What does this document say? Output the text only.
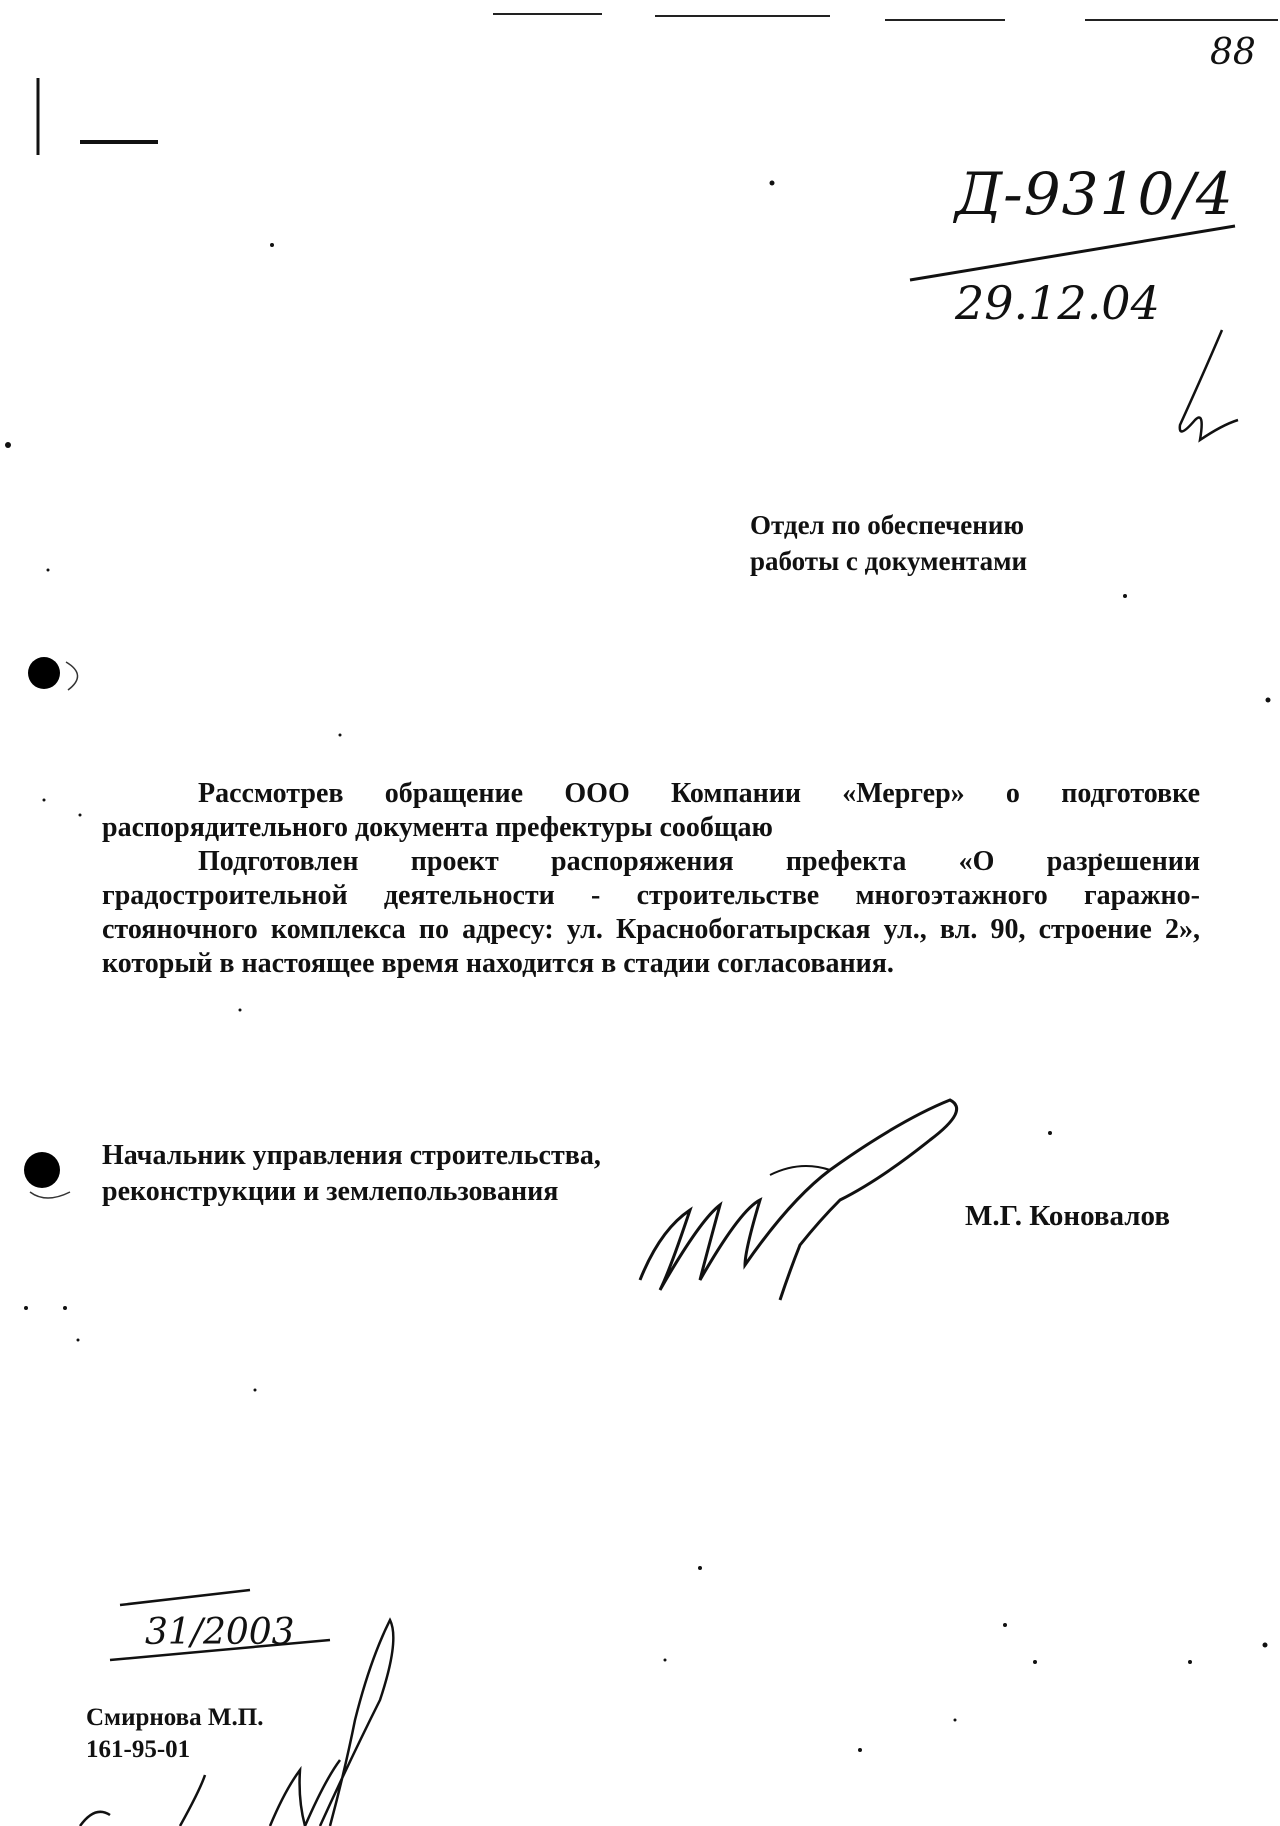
88
Д-9310/4
29.12.04
Отдел по обеспечению
работы с документами

Рассмотрев обращение ООО Компании «Мергер» о подготовке распорядительного документа префектуры сообщаю

Подготовлен проект распоряжения префекта «О разрешении градостроительной деятельности - строительстве многоэтажного гаражно-стояночного комплекса по адресу: ул. Краснобогатырская ул., вл. 90, строение 2», который в настоящее время находится в стадии согласования.

Начальник управления строительства,
реконструкции и землепользования
М.Г. Коновалов
31/2003
Смирнова М.П.
161-95-01
